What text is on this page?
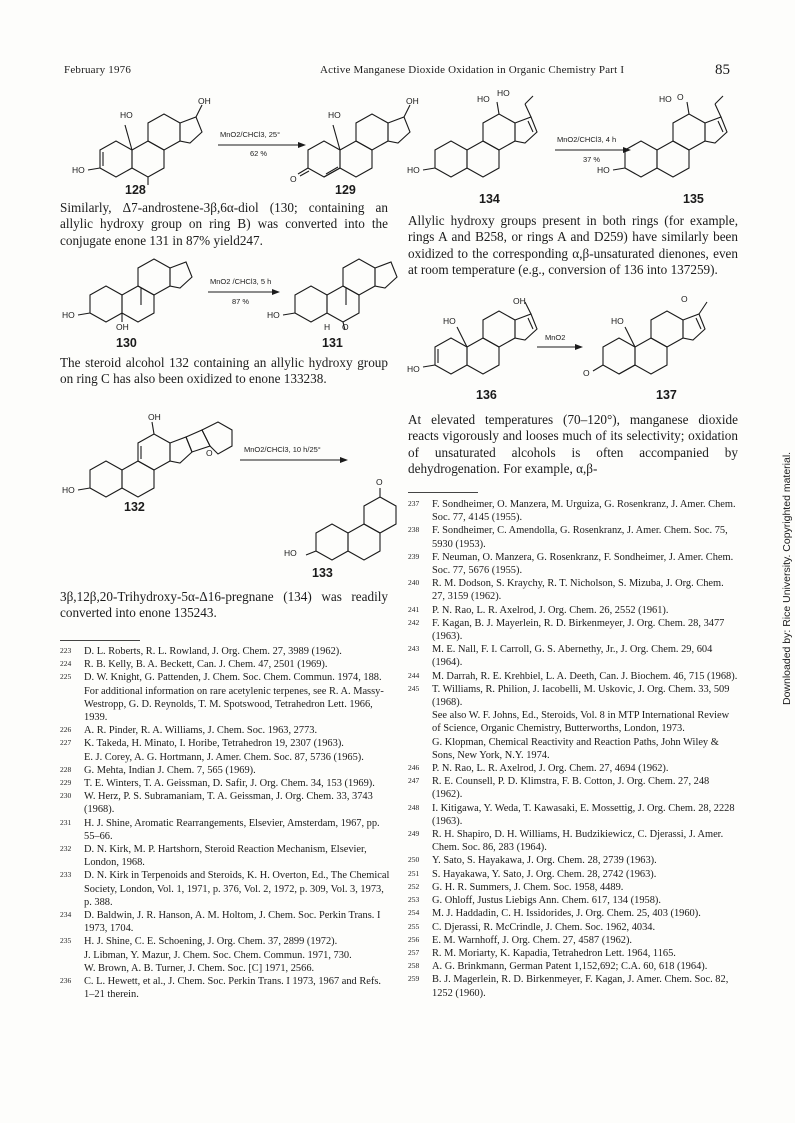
February 1976	Active Manganese Dioxide Oxidation in Organic Chemistry Part I	85
Downloaded by: Rice University. Copyrighted material.
HO
OH
HO
MnO2/CHCl3, 25°
62 %
HO
OH
O
128	129
Similarly, Δ7-androstene-3β,6α-diol (130; containing an allylic hydroxy group on ring B) was converted into the conjugate enone 131 in 87% yield247.
HO
OH
MnO2 /CHCl3, 5 h
87 %
HO
H O
130	131
The steroid alcohol 132 containing an allylic hydroxy group on ring C has also been oxidized to enone 133238.
OH
O
HO
MnO2/CHCl3, 10 h/25°
O
HO
132
133
3β,12β,20-Trihydroxy-5α-Δ16-pregnane (134) was readily converted into enone 135243.
223	D. L. Roberts, R. L. Rowland, J. Org. Chem. 27, 3989 (1962).
224	R. B. Kelly, B. A. Beckett, Can. J. Chem. 47, 2501 (1969).
225	D. W. Knight, G. Pattenden, J. Chem. Soc. Chem. Commun. 1974, 188.
For additional information on rare acetylenic terpenes, see R. A. Massy-Westropp, G. D. Reynolds, T. M. Spotswood, Tetrahedron Lett. 1966, 1939.
226	A. R. Pinder, R. A. Williams, J. Chem. Soc. 1963, 2773.
227	K. Takeda, H. Minato, I. Horibe, Tetrahedron 19, 2307 (1963).
E. J. Corey, A. G. Hortmann, J. Amer. Chem. Soc. 87, 5736 (1965).
228	G. Mehta, Indian J. Chem. 7, 565 (1969).
229	T. E. Winters, T. A. Geissman, D. Safir, J. Org. Chem. 34, 153 (1969).
230	W. Herz, P. S. Subramaniam, T. A. Geissman, J. Org. Chem. 33, 3743 (1968).
231	H. J. Shine, Aromatic Rearrangements, Elsevier, Amsterdam, 1967, pp. 55–66.
232	D. N. Kirk, M. P. Hartshorn, Steroid Reaction Mechanism, Elsevier, London, 1968.
233	D. N. Kirk in Terpenoids and Steroids, K. H. Overton, Ed., The Chemical Society, London, Vol. 1, 1971, p. 376, Vol. 2, 1972, p. 309, Vol. 3, 1973, p. 388.
234	D. Baldwin, J. R. Hanson, A. M. Holtom, J. Chem. Soc. Perkin Trans. I 1973, 1704.
235	H. J. Shine, C. E. Schoening, J. Org. Chem. 37, 2899 (1972).
J. Libman, Y. Mazur, J. Chem. Soc. Chem. Commun. 1971, 730.
W. Brown, A. B. Turner, J. Chem. Soc. [C] 1971, 2566.
236	C. L. Hewett, et al., J. Chem. Soc. Perkin Trans. I 1973, 1967 and Refs. 1–21 therein.
HO
HO
HO
MnO2/CHCl3, 4 h
37 %
HO O
HO
134	135
Allylic hydroxy groups present in both rings (for example, rings A and B258, or rings A and D259) have similarly been oxidized to the corresponding α,β-unsaturated dienones, even at room temperature (e.g., conversion of 136 into 137259).
OH
HO
HO
MnO2
O
HO
O
136	137
At elevated temperatures (70–120°), manganese dioxide reacts vigorously and looses much of its selectivity; oxidation of unsaturated alcohols is often accompanied by dehydrogenation. For example, α,β-
237	F. Sondheimer, O. Manzera, M. Urguiza, G. Rosenkranz, J. Amer. Chem. Soc. 77, 4145 (1955).
238	F. Sondheimer, C. Amendolla, G. Rosenkranz, J. Amer. Chem. Soc. 75, 5930 (1953).
239	F. Neuman, O. Manzera, G. Rosenkranz, F. Sondheimer, J. Amer. Chem. Soc. 77, 5676 (1955).
240	R. M. Dodson, S. Kraychy, R. T. Nicholson, S. Mizuba, J. Org. Chem. 27, 3159 (1962).
241	P. N. Rao, L. R. Axelrod, J. Org. Chem. 26, 2552 (1961).
242	F. Kagan, B. J. Mayerlein, R. D. Birkenmeyer, J. Org. Chem. 28, 3477 (1963).
243	M. E. Nall, F. I. Carroll, G. S. Abernethy, Jr., J. Org. Chem. 29, 604 (1964).
244	M. Darrah, R. E. Krehbiel, L. A. Deeth, Can. J. Biochem. 46, 715 (1968).
245	T. Williams, R. Philion, J. Iacobelli, M. Uskovic, J. Org. Chem. 33, 509 (1968).
See also W. F. Johns, Ed., Steroids, Vol. 8 in MTP International Review of Science, Organic Chemistry, Butterworths, London, 1973.
G. Klopman, Chemical Reactivity and Reaction Paths, John Wiley & Sons, New York, N.Y. 1974.
246	P. N. Rao, L. R. Axelrod, J. Org. Chem. 27, 4694 (1962).
247	R. E. Counsell, P. D. Klimstra, F. B. Cotton, J. Org. Chem. 27, 248 (1962).
248	I. Kitigawa, Y. Weda, T. Kawasaki, E. Mossettig, J. Org. Chem. 28, 2228 (1963).
249	R. H. Shapiro, D. H. Williams, H. Budzikiewicz, C. Djerassi, J. Amer. Chem. Soc. 86, 283 (1964).
250	Y. Sato, S. Hayakawa, J. Org. Chem. 28, 2739 (1963).
251	S. Hayakawa, Y. Sato, J. Org. Chem. 28, 2742 (1963).
252	G. H. R. Summers, J. Chem. Soc. 1958, 4489.
253	G. Ohloff, Justus Liebigs Ann. Chem. 617, 134 (1958).
254	M. J. Haddadin, C. H. Issidorides, J. Org. Chem. 25, 403 (1960).
255	C. Djerassi, R. McCrindle, J. Chem. Soc. 1962, 4034.
256	E. M. Warnhoff, J. Org. Chem. 27, 4587 (1962).
257	R. M. Moriarty, K. Kapadia, Tetrahedron Lett. 1964, 1165.
258	A. G. Brinkmann, German Patent 1,152,692; C.A. 60, 618 (1964).
259	B. J. Magerlein, R. D. Birkenmeyer, F. Kagan, J. Amer. Chem. Soc. 82, 1252 (1960).
